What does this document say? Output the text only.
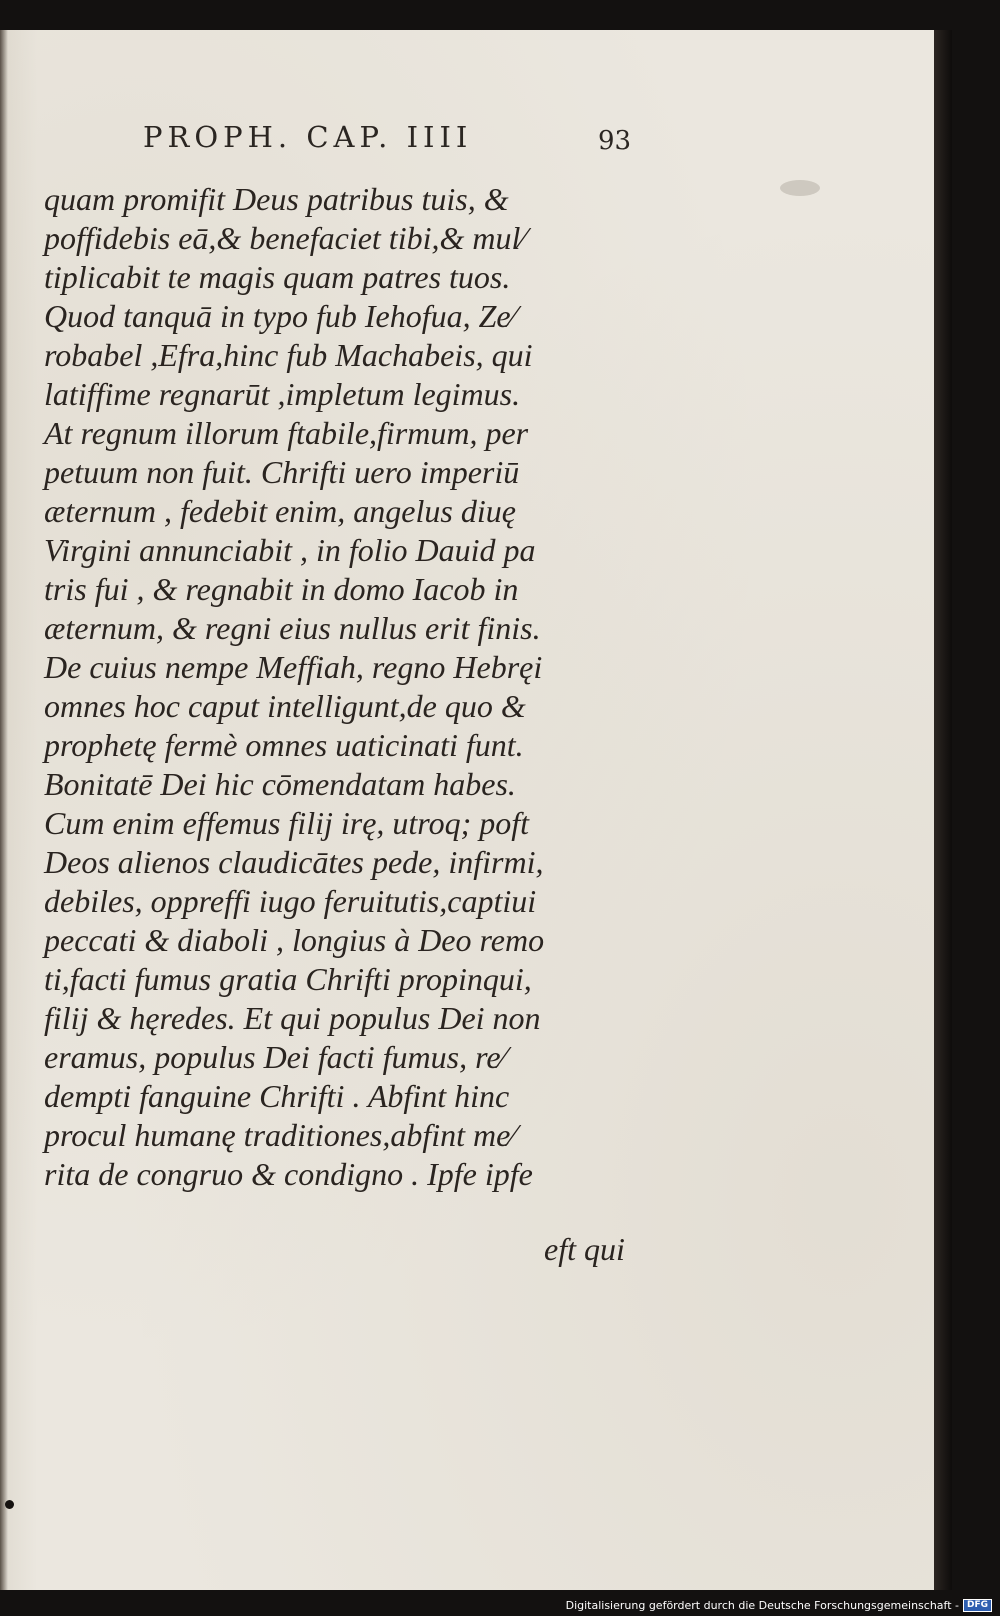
PROPH. CAP. IIII	93
quam promifit Deus patribus tuis, &
poffidebis eā,& benefaciet tibi,& mul⁄
tiplicabit te magis quam patres tuos.
Quod tanquā in typo fub Iehofua, Ze⁄
robabel ,Efra,hinc fub Machabeis, qui
latiffime regnarūt ,impletum legimus.
At regnum illorum ftabile,firmum, per
petuum non fuit. Chrifti uero imperiū
æternum , fedebit enim, angelus diuę
Virgini annunciabit , in folio Dauid pa
tris fui , & regnabit in domo Iacob in
æternum, & regni eius nullus erit finis.
De cuius nempe Meffiah, regno Hebręi
omnes hoc caput intelligunt,de quo &
prophetę fermè omnes uaticinati funt.
Bonitatē Dei hic cōmendatam habes.
Cum enim effemus filij irę, utroq; poft
Deos alienos claudicātes pede, infirmi,
debiles, oppreffi iugo feruitutis,captiui
peccati & diaboli , longius à Deo remo
ti,facti fumus gratia Chrifti propinqui,
filij & hęredes. Et qui populus Dei non
eramus, populus Dei facti fumus, re⁄
dempti fanguine Chrifti . Abfint hinc
procul humanę traditiones,abfint me⁄
rita de congruo & condigno . Ipfe ipfe
eft qui
Digitalisierung gefördert durch die Deutsche Forschungsgemeinschaft - DFG
